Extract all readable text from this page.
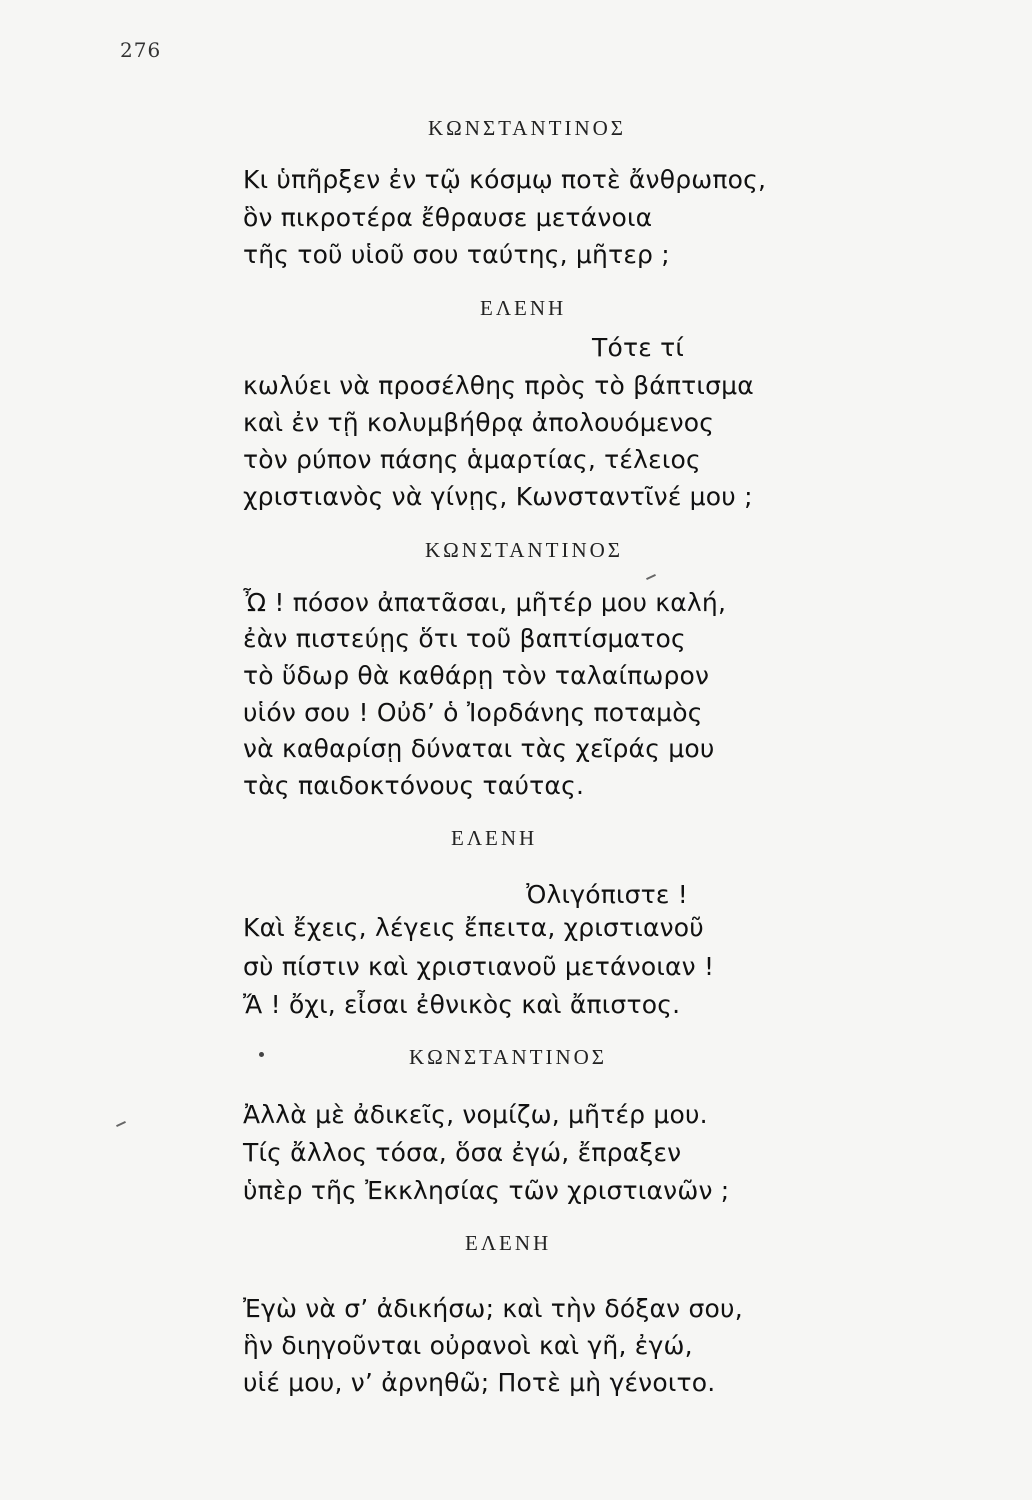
276
ΚΩΝΣΤΑΝΤΙΝΟΣ
Κι ὑπῆρξεν ἐν τῷ κόσμῳ ποτὲ ἄνθρωπος,
ὃν πικροτέρα ἔθραυσε μετάνοια
τῆς τοῦ υἱοῦ σου ταύτης, μῆτερ ;
ΕΛΕΝΗ
Τότε τί
κωλύει νὰ προσέλθης πρὸς τὸ βάπτισμα
καὶ ἐν τῇ κολυμβήθρᾳ ἀπολουόμενος
τὸν ρύπον πάσης ἁμαρτίας, τέλειος
χριστιανὸς νὰ γίνῃς, Κωνσταντῖνέ μου ;
ΚΩΝΣΤΑΝΤΙΝΟΣ
Ὦ ! πόσον ἀπατᾶσαι, μῆτέρ μου καλή,
ἐὰν πιστεύῃς ὅτι τοῦ βαπτίσματος
τὸ ὕδωρ θὰ καθάρῃ τὸν ταλαίπωρον
υἱόν σου ! Οὐδ’ ὁ Ἰορδάνης ποταμὸς
νὰ καθαρίσῃ δύναται τὰς χεῖράς μου
τὰς παιδοκτόνους ταύτας.
ΕΛΕΝΗ
Ὀλιγόπιστε !
Καὶ ἔχεις, λέγεις ἔπειτα, χριστιανοῦ
σὺ πίστιν καὶ χριστιανοῦ μετάνοιαν !
Ἄ ! ὄχι, εἶσαι ἐθνικὸς καὶ ἄπιστος.
ΚΩΝΣΤΑΝΤΙΝΟΣ
Ἀλλὰ μὲ ἀδικεῖς, νομίζω, μῆτέρ μου.
Τίς ἄλλος τόσα, ὅσα ἐγώ, ἔπραξεν
ὑπὲρ τῆς Ἐκκλησίας τῶν χριστιανῶν ;
ΕΛΕΝΗ
Ἐγὼ νὰ σ’ ἀδικήσω; καὶ τὴν δόξαν σου,
ἣν διηγοῦνται οὐρανοὶ καὶ γῆ, ἐγώ,
υἱέ μου, ν’ ἀρνηθῶ; Ποτὲ μὴ γένοιτο.
